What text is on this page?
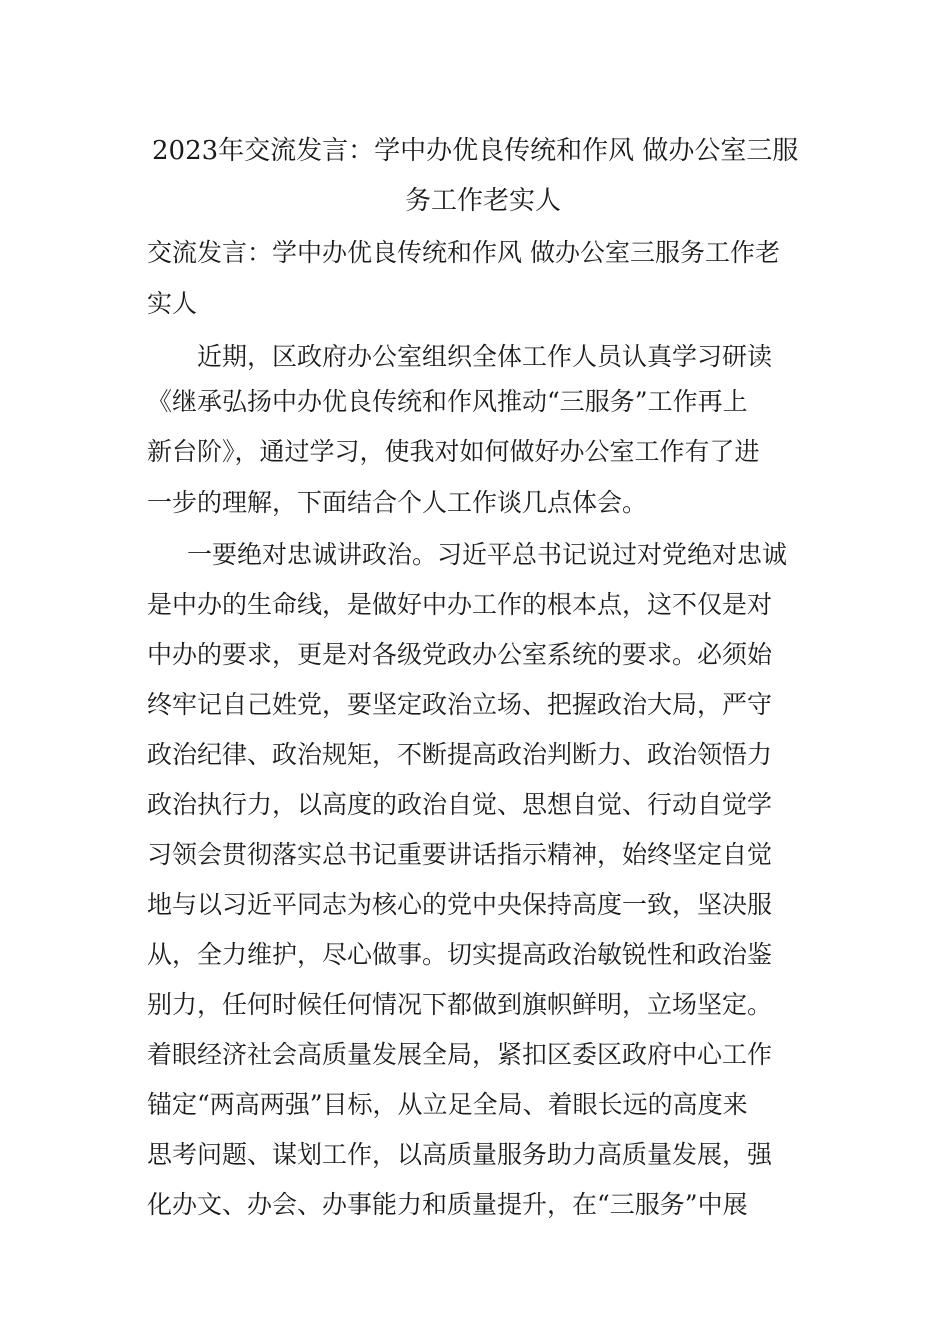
2023年交流发言：学中办优良传统和作风 做办公室三服
务工作老实人
交流发言：学中办优良传统和作风 做办公室三服务工作老
实人
近期，区政府办公室组织全体工作人员认真学习研读
《继承弘扬中办优良传统和作风推动“三服务”工作再上
新台阶》，通过学习，使我对如何做好办公室工作有了进
一步的理解，下面结合个人工作谈几点体会。
一要绝对忠诚讲政治。习近平总书记说过对党绝对忠诚
是中办的生命线，是做好中办工作的根本点，这不仅是对
中办的要求，更是对各级党政办公室系统的要求。必须始
终牢记自己姓党，要坚定政治立场、把握政治大局，严守
政治纪律、政治规矩，不断提高政治判断力、政治领悟力
政治执行力，以高度的政治自觉、思想自觉、行动自觉学
习领会贯彻落实总书记重要讲话指示精神，始终坚定自觉
地与以习近平同志为核心的党中央保持高度一致，坚决服
从，全力维护，尽心做事。切实提高政治敏锐性和政治鉴
别力，任何时候任何情况下都做到旗帜鲜明，立场坚定。
着眼经济社会高质量发展全局，紧扣区委区政府中心工作
锚定“两高两强”目标，从立足全局、着眼长远的高度来
思考问题、谋划工作，以高质量服务助力高质量发展，强
化办文、办会、办事能力和质量提升，在“三服务”中展
